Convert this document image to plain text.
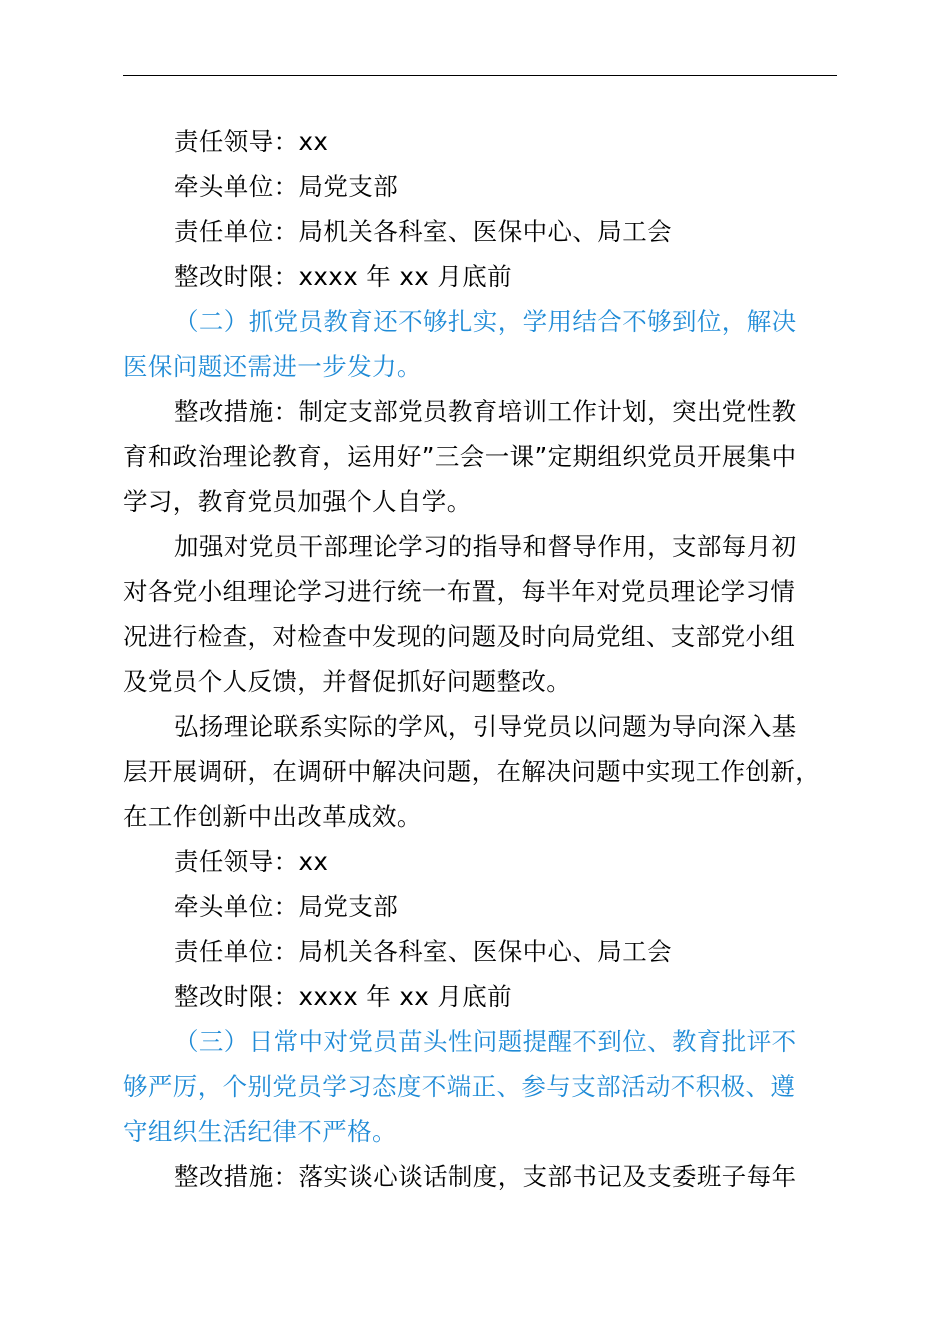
责任领导：xx
牵头单位：局党支部
责任单位：局机关各科室、医保中心、局工会
整改时限：xxxx 年 xx 月底前
（二）抓党员教育还不够扎实，学用结合不够到位，解决
医保问题还需进一步发力。
整改措施：制定支部党员教育培训工作计划，突出党性教
育和政治理论教育，运用好”三会一课”定期组织党员开展集中
学习，教育党员加强个人自学。
加强对党员干部理论学习的指导和督导作用，支部每月初
对各党小组理论学习进行统一布置，每半年对党员理论学习情
况进行检查，对检查中发现的问题及时向局党组、支部党小组
及党员个人反馈，并督促抓好问题整改。
弘扬理论联系实际的学风，引导党员以问题为导向深入基
层开展调研，在调研中解决问题，在解决问题中实现工作创新，
在工作创新中出改革成效。
责任领导：xx
牵头单位：局党支部
责任单位：局机关各科室、医保中心、局工会
整改时限：xxxx 年 xx 月底前
（三）日常中对党员苗头性问题提醒不到位、教育批评不
够严厉，个别党员学习态度不端正、参与支部活动不积极、遵
守组织生活纪律不严格。
整改措施：落实谈心谈话制度，支部书记及支委班子每年
